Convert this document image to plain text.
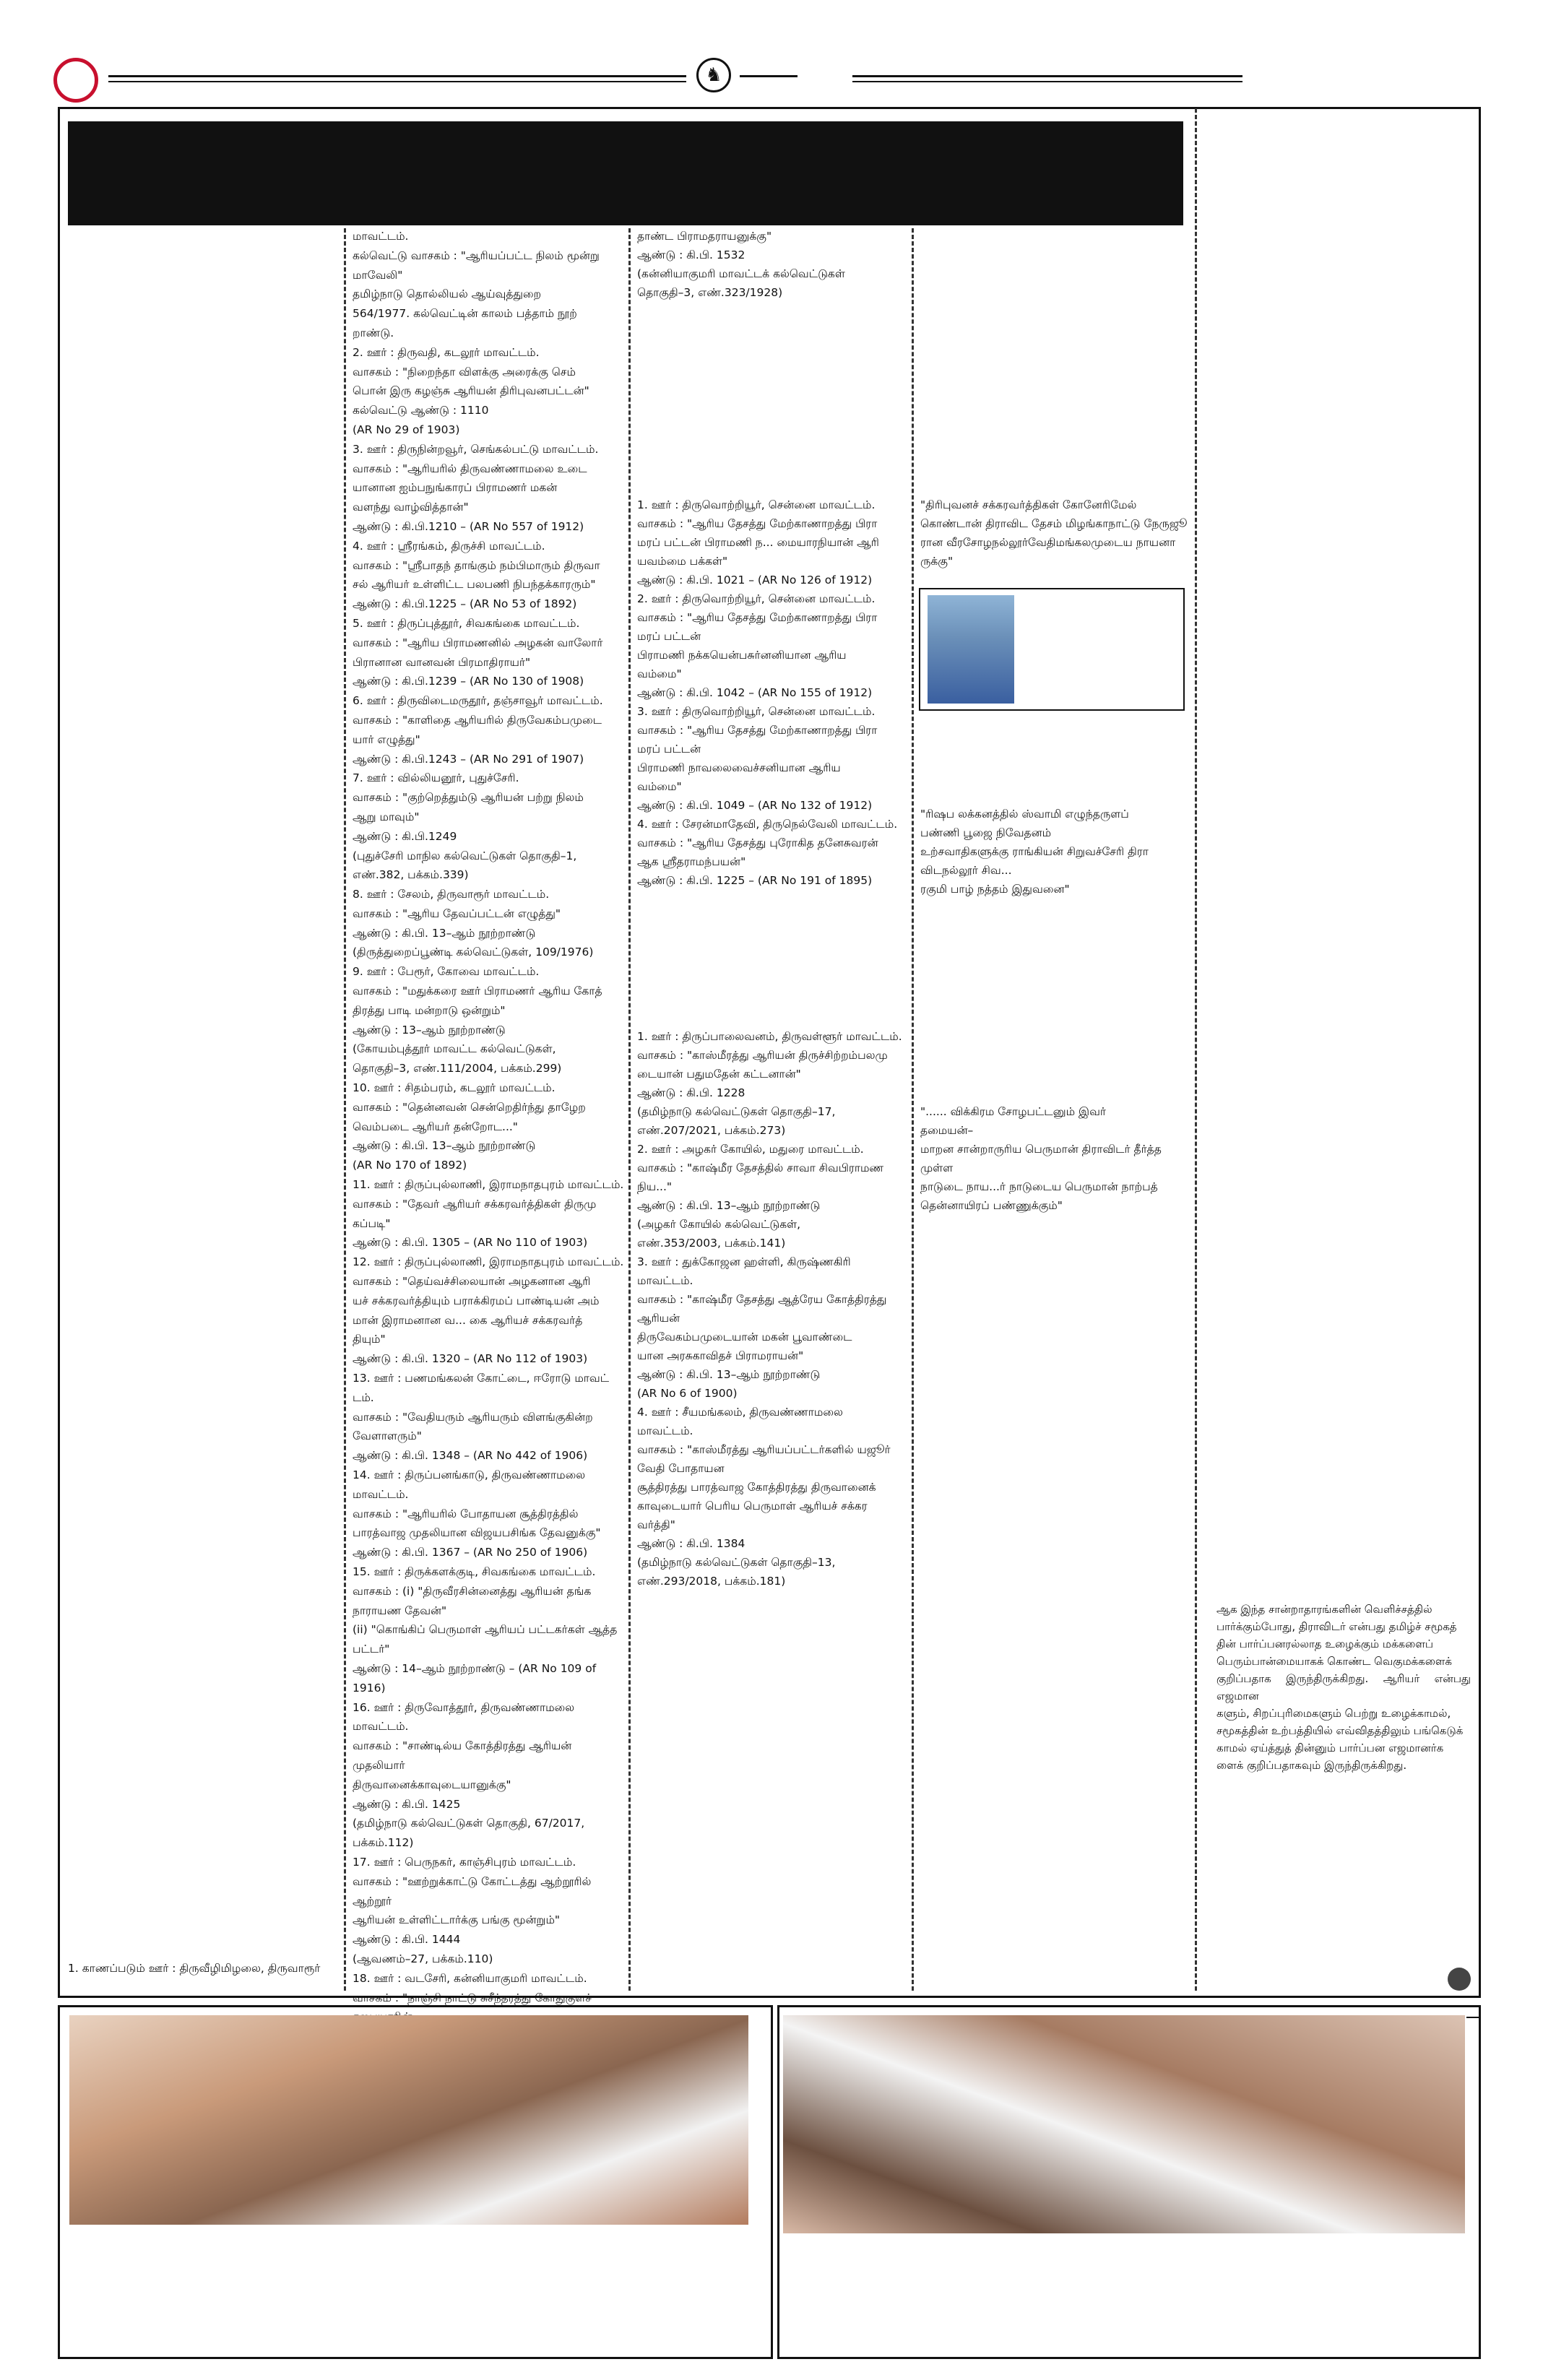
♞
1. காணப்படும் ஊர் : திருவீழிமிழலை, திருவாரூர்
மாவட்டம்.
கல்வெட்டு வாசகம் : "ஆரியப்பட்ட நிலம் மூன்று
மாவேலி"
தமிழ்நாடு தொல்லியல் ஆய்வுத்துறை
564/1977. கல்வெட்டின் காலம் பத்தாம் நூற்
றாண்டு.
2. ஊர் : திருவதி, கடலூர் மாவட்டம்.
வாசகம் : "நிறைந்தா விளக்கு அரைக்கு செம்
பொன் இரு கழஞ்சு ஆரியன் திரிபுவனபட்டன்"
கல்வெட்டு ஆண்டு : 1110
(AR No 29 of 1903)
3. ஊர் : திருநின்றவூர், செங்கல்பட்டு மாவட்டம்.
வாசகம் : "ஆரியரில் திருவண்ணாமலை உடை
யானான ஐம்பநுங்காரப் பிராமணர் மகன்
வளந்து வாழ்வித்தான்"
ஆண்டு : கி.பி.1210 – (AR No 557 of 1912)
4. ஊர் : ஸ்ரீரங்கம், திருச்சி மாவட்டம்.
வாசகம் : "ஸ்ரீபாதந் தாங்கும் நம்பிமாரும் திருவா
சல் ஆரியர் உள்ளிட்ட பலபணி நிபந்தக்காரரும்"
ஆண்டு : கி.பி.1225 – (AR No 53 of 1892)
5. ஊர் : திருப்புத்தூர், சிவகங்கை மாவட்டம்.
வாசகம் : "ஆரிய பிராமணனில் அழகன் வாலோர்
பிரானான வானவன் பிரமாதிராயர்"
ஆண்டு : கி.பி.1239 – (AR No 130 of 1908)
6. ஊர் : திருவிடைமருதூர், தஞ்சாவூர் மாவட்டம்.
வாசகம் : "காளிதை ஆரியரில் திருவேகம்பமுடை
யார் எழுத்து"
ஆண்டு : கி.பி.1243 – (AR No 291 of 1907)
7. ஊர் : வில்லியனூர், புதுச்சேரி.
வாசகம் : "குற்றெத்தும்டு ஆரியன் பற்று நிலம்
ஆறு மாவும்"
ஆண்டு : கி.பி.1249
(புதுச்சேரி மாநில கல்வெட்டுகள் தொகுதி–1,
எண்.382, பக்கம்.339)
8. ஊர் : சேலம், திருவாரூர் மாவட்டம்.
வாசகம் : "ஆரிய தேவப்பட்டன் எழுத்து"
ஆண்டு : கி.பி. 13–ஆம் நூற்றாண்டு
(திருத்துறைப்பூண்டி கல்வெட்டுகள், 109/1976)
9. ஊர் : பேரூர், கோவை மாவட்டம்.
வாசகம் : "மதுக்கரை ஊர் பிராமணர் ஆரிய கோத்
திரத்து பாடி மன்றாடு ஒன்றும்"
ஆண்டு : 13–ஆம் நூற்றாண்டு
(கோயம்புத்தூர் மாவட்ட கல்வெட்டுகள்,
தொகுதி–3, எண்.111/2004, பக்கம்.299)
10. ஊர் : சிதம்பரம், கடலூர் மாவட்டம்.
வாசகம் : "தென்னவன் சென்றெதிர்ந்து தாழேற
வெம்படை ஆரியர் தன்றோட..."
ஆண்டு : கி.பி. 13–ஆம் நூற்றாண்டு
(AR No 170 of 1892)
11. ஊர் : திருப்புல்லாணி, இராமநாதபுரம் மாவட்டம்.
வாசகம் : "தேவர் ஆரியர் சக்கரவர்த்திகள் திருமு
கப்படி"
ஆண்டு : கி.பி. 1305 – (AR No 110 of 1903)
12. ஊர் : திருப்புல்லாணி, இராமநாதபுரம் மாவட்டம்.
வாசகம் : "தெய்வச்சிலையான் அழகனான ஆரி
யச் சக்கரவர்த்தியும் பராக்கிரமப் பாண்டியன் அம்
மான் இராமனான வ... கை ஆரியச் சக்கரவர்த்
தியும்"
ஆண்டு : கி.பி. 1320 – (AR No 112 of 1903)
13. ஊர் : பணமங்கலன் கோட்டை, ஈரோடு மாவட்
டம்.
வாசகம் : "வேதியரும் ஆரியரும் விளங்குகின்ற
வேளாளரும்"
ஆண்டு : கி.பி. 1348 – (AR No 442 of 1906)
14. ஊர் : திருப்பனங்காடு, திருவண்ணாமலை
மாவட்டம்.
வாசகம் : "ஆரியரில் போதாயன சூத்திரத்தில்
பாரத்வாஜ முதலியான விஜயபசிங்க தேவனுக்கு"
ஆண்டு : கி.பி. 1367 – (AR No 250 of 1906)
15. ஊர் : திருக்களக்குடி, சிவகங்கை மாவட்டம்.
வாசகம் : (i) "திருவீரசின்னைத்து ஆரியன் தங்க
நாராயண தேவன்"
(ii) "கொங்கிப் பெருமாள் ஆரியப் பட்டகர்கள் ஆத்த
பட்டர்"
ஆண்டு : 14–ஆம் நூற்றாண்டு – (AR No 109 of
1916)
16. ஊர் : திருவோத்தூர், திருவண்ணாமலை
மாவட்டம்.
வாசகம் : "சாண்டில்ய கோத்திரத்து ஆரியன்
முதலியார்
திருவானைக்காவுடையானுக்கு"
ஆண்டு : கி.பி. 1425
(தமிழ்நாடு கல்வெட்டுகள் தொகுதி, 67/2017,
பக்கம்.112)
17. ஊர் : பெருநகர், காஞ்சிபுரம் மாவட்டம்.
வாசகம் : "ஊற்றுக்காட்டு கோட்டத்து ஆற்றூரில்
ஆற்றூர்
ஆரியன் உள்ளிட்டார்க்கு பங்கு மூன்றும்"
ஆண்டு : கி.பி. 1444
(ஆவணம்–27, பக்கம்.110)
18. ஊர் : வடசேரி, கன்னியாகுமரி மாவட்டம்.
வாசகம் : "நாஞ்சி நாட்டு சுசீந்தரத்து கோதுகுளச்
தாண்ட பிராமதராயனுக்கு"
ஆண்டு : கி.பி. 1532
(கன்னியாகுமரி மாவட்டக் கல்வெட்டுகள்
தொகுதி–3, எண்.323/1928)
1. ஊர் : திருவொற்றியூர், சென்னை மாவட்டம்.
வாசகம் : "ஆரிய தேசத்து மேற்காணாறத்து பிரா
மரப் பட்டன் பிராமணி ந... மையாரநியான் ஆரி
யவம்மை பக்கள்"
ஆண்டு : கி.பி. 1021 – (AR No 126 of 1912)
2. ஊர் : திருவொற்றியூர், சென்னை மாவட்டம்.
வாசகம் : "ஆரிய தேசத்து மேற்காணாறத்து பிரா
மரப் பட்டன்
பிராமணி நக்கயென்பசுர்னனியான ஆரிய
வம்மை"
ஆண்டு : கி.பி. 1042 – (AR No 155 of 1912)
3. ஊர் : திருவொற்றியூர், சென்னை மாவட்டம்.
வாசகம் : "ஆரிய தேசத்து மேற்காணாறத்து பிரா
மரப் பட்டன்
பிராமணி நாவலைவைச்சனியான ஆரிய
வம்மை"
ஆண்டு : கி.பி. 1049 – (AR No 132 of 1912)
4. ஊர் : சேரன்மாதேவி, திருநெல்வேலி மாவட்டம்.
வாசகம் : "ஆரிய தேசத்து புரோகித தனேசுவரன்
ஆக ஸ்ரீதராமந்பயன்"
ஆண்டு : கி.பி. 1225 – (AR No 191 of 1895)
1. ஊர் : திருப்பாலைவனம், திருவள்ளூர் மாவட்டம்.
வாசகம் : "காஸ்மீரத்து ஆரியன் திருச்சிற்றம்பலமு
டையான் பதுமதேன் கட்டனான்"
ஆண்டு : கி.பி. 1228
(தமிழ்நாடு கல்வெட்டுகள் தொகுதி–17,
எண்.207/2021, பக்கம்.273)
2. ஊர் : அழகர் கோயில், மதுரை மாவட்டம்.
வாசகம் : "காஷ்மீர தேசத்தில் சாவா சிவபிராமண
நிய..."
ஆண்டு : கி.பி. 13–ஆம் நூற்றாண்டு
(அழகர் கோயில் கல்வெட்டுகள்,
எண்.353/2003, பக்கம்.141)
3. ஊர் : துக்கோஜன ஹள்ளி, கிருஷ்ணகிரி
மாவட்டம்.
வாசகம் : "காஷ்மீர தேசத்து ஆத்ரேய கோத்திரத்து
ஆரியன்
திருவேகம்பமுடையான் மகன் பூவாண்டை
யான அரசுகாவிதச் பிராமராயன்"
ஆண்டு : கி.பி. 13–ஆம் நூற்றாண்டு
(AR No 6 of 1900)
4. ஊர் : சீயமங்கலம், திருவண்ணாமலை
மாவட்டம்.
வாசகம் : "காஸ்மீரத்து ஆரியப்பட்டர்களில் யஜூர்
வேதி போதாயன
சூத்திரத்து பாரத்வாஜ கோத்திரத்து திருவானைக்
காவுடையார் பெரிய பெருமாள் ஆரியச் சக்கர
வர்த்தி"
ஆண்டு : கி.பி. 1384
(தமிழ்நாடு கல்வெட்டுகள் தொகுதி–13,
எண்.293/2018, பக்கம்.181)
"திரிபுவனச் சக்கரவர்த்திகள் கோனேரிமேல்
கொண்டான் திராவிட தேசம் மிழங்காநாட்டு நேருஜூ
ரான வீரசோழநல்லூர்வேதிமங்கலமுடைய நாயனா
ருக்கு"
"ரிஷப லக்கனத்தில் ஸ்வாமி எழுந்தருளப்
பண்ணி பூஜை நிவேதனம்
உற்சவாதிகளுக்கு ராங்கியன் சிறுவச்சேரி திரா
விடநல்லூர் சிவ...
ரகுமி பாழ் நத்தம் இதுவனை"
"...... விக்கிரம சோழபட்டனும் இவர்
தமையன்–
மாறன சான்றாருரிய பெருமான் திராவிடர் தீர்த்த
முள்ள
நாடுடை நாய...ர் நாடுடைய பெருமான் நாற்பத்
தென்னாயிரப் பண்ணுக்கும்"
ஆக இந்த சான்றாதாரங்களின் வெளிச்சத்தில்
பார்க்கும்போது, திராவிடர் என்பது தமிழ்ச் சமூகத்
தின் பார்ப்பனரல்லாத உழைக்கும் மக்களைப்
பெரும்பான்மையாகக் கொண்ட வெகுமக்களைக்
குறிப்பதாக இருந்திருக்கிறது. ஆரியர் என்பது எஜமான
களும், சிறப்புரிமைகளும் பெற்று உழைக்காமல்,
சமூகத்தின் உற்பத்தியில் எவ்விதத்திலும் பங்கெடுக்
காமல் ஏய்த்துத் தின்னும் பார்ப்பன எஜமானர்க
ளைக் குறிப்பதாகவும் இருந்திருக்கிறது.
